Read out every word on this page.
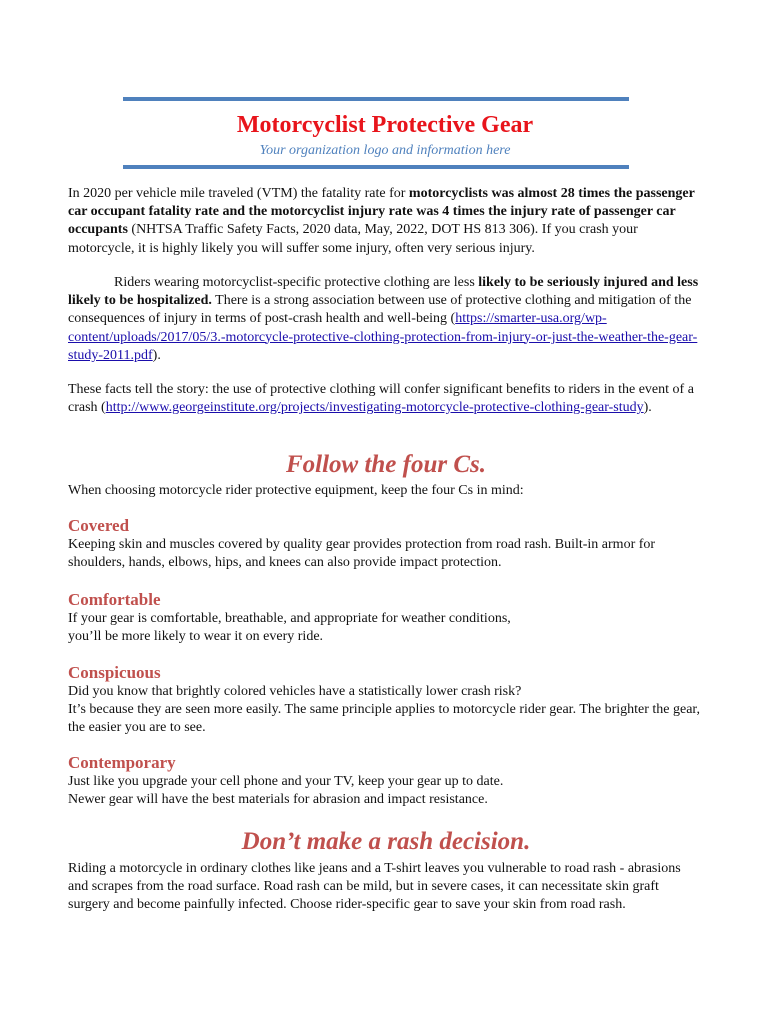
Motorcyclist Protective Gear
Your organization logo and information here

In 2020 per vehicle mile traveled (VTM) the fatality rate for motorcyclists was almost 28 times the passenger car occupant fatality rate and the motorcyclist injury rate was 4 times the injury rate of passenger car occupants (NHTSA Traffic Safety Facts, 2020 data, May, 2022, DOT HS 813 306). If you crash your motorcycle, it is highly likely you will suffer some injury, often very serious injury.

Riders wearing motorcyclist-specific protective clothing are less likely to be seriously injured and less likely to be hospitalized. There is a strong association between use of protective clothing and mitigation of the consequences of injury in terms of post-crash health and well-being (https://smarter-usa.org/wp-content/uploads/2017/05/3.-motorcycle-protective-clothing-protection-from-injury-or-just-the-weather-the-gear-study-2011.pdf).

These facts tell the story: the use of protective clothing will confer significant benefits to riders in the event of a crash (http://www.georgeinstitute.org/projects/investigating-motorcycle-protective-clothing-gear-study).

Follow the four Cs.

When choosing motorcycle rider protective equipment, keep the four Cs in mind:

Covered

Keeping skin and muscles covered by quality gear provides protection from road rash. Built-in armor for shoulders, hands, elbows, hips, and knees can also provide impact protection.

Comfortable

If your gear is comfortable, breathable, and appropriate for weather conditions,

you’ll be more likely to wear it on every ride.

Conspicuous

Did you know that brightly colored vehicles have a statistically lower crash risk?

It’s because they are seen more easily. The same principle applies to motorcycle rider gear. The brighter the gear, the easier you are to see.

Contemporary

Just like you upgrade your cell phone and your TV, keep your gear up to date.

Newer gear will have the best materials for abrasion and impact resistance.

Don’t make a rash decision.

Riding a motorcycle in ordinary clothes like jeans and a T-shirt leaves you vulnerable to road rash - abrasions and scrapes from the road surface. Road rash can be mild, but in severe cases, it can necessitate skin graft surgery and become painfully infected. Choose rider-specific gear to save your skin from road rash.
